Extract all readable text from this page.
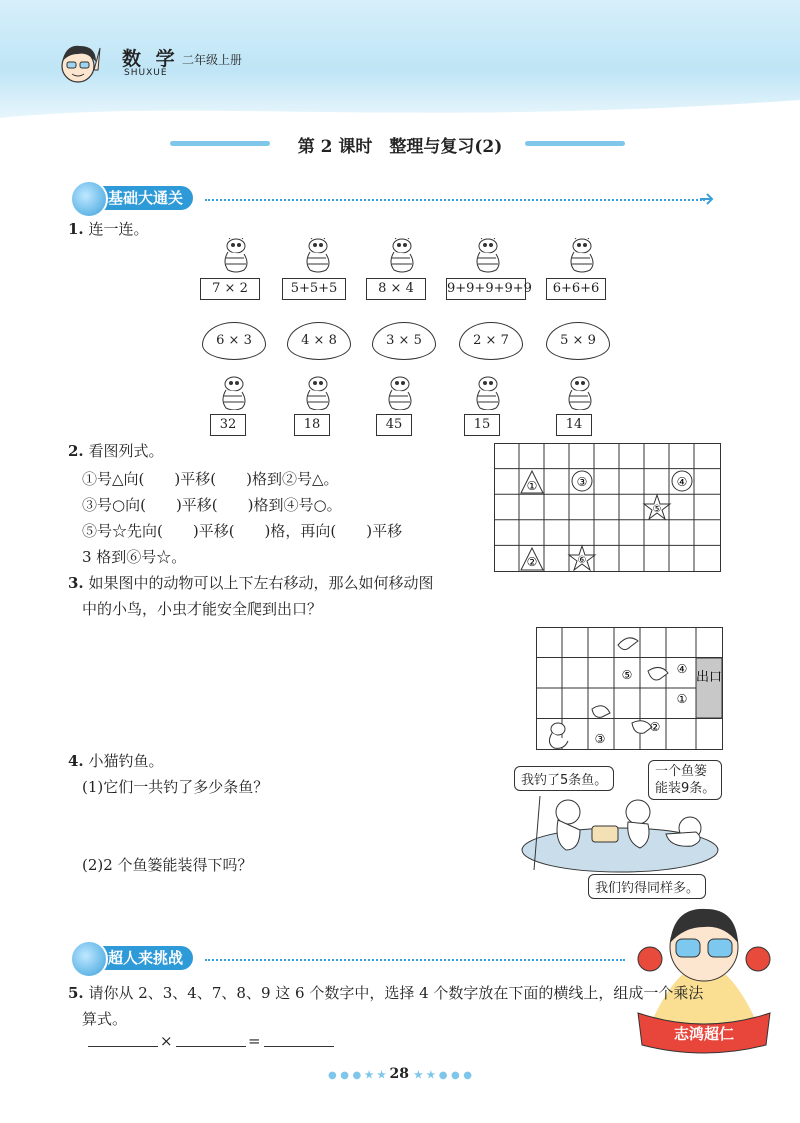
数 学
SHUXUE
二年级上册
第 2 课时　整理与复习(2)
基础大通关
1. 连一连。
7 × 2	5+5+5	8 × 4	9+9+9+9+9	6+6+6
6 × 3	4 × 8	3 × 5	2 × 7	5 × 9
32	18	45	15	14
2. 看图列式。
①号△向(　　)平移(　　)格到②号△。
③号○向(　　)平移(　　)格到④号○。
⑤号☆先向(　　)平移(　　)格，再向(　　)平移
3 格到⑥号☆。
①	③	④
⑤
②	⑥
3. 如果图中的动物可以上下左右移动，那么如何移动图
中的小鸟，小虫才能安全爬到出口？
出口
④
⑤
①
②
③
4. 小猫钓鱼。
(1)它们一共钓了多少条鱼？
(2)2 个鱼篓能装得下吗？
我钓了5条鱼。
一个鱼篓
能装9条。
我们钓得同样多。
志鸿超仁
超人来挑战
5. 请你从 2、3、4、7、8、9 这 6 个数字中，选择 4 个数字放在下面的横线上，组成一个乘法
算式。
×	=
● ● ● ★ ★ 28 ★ ★ ● ● ●
